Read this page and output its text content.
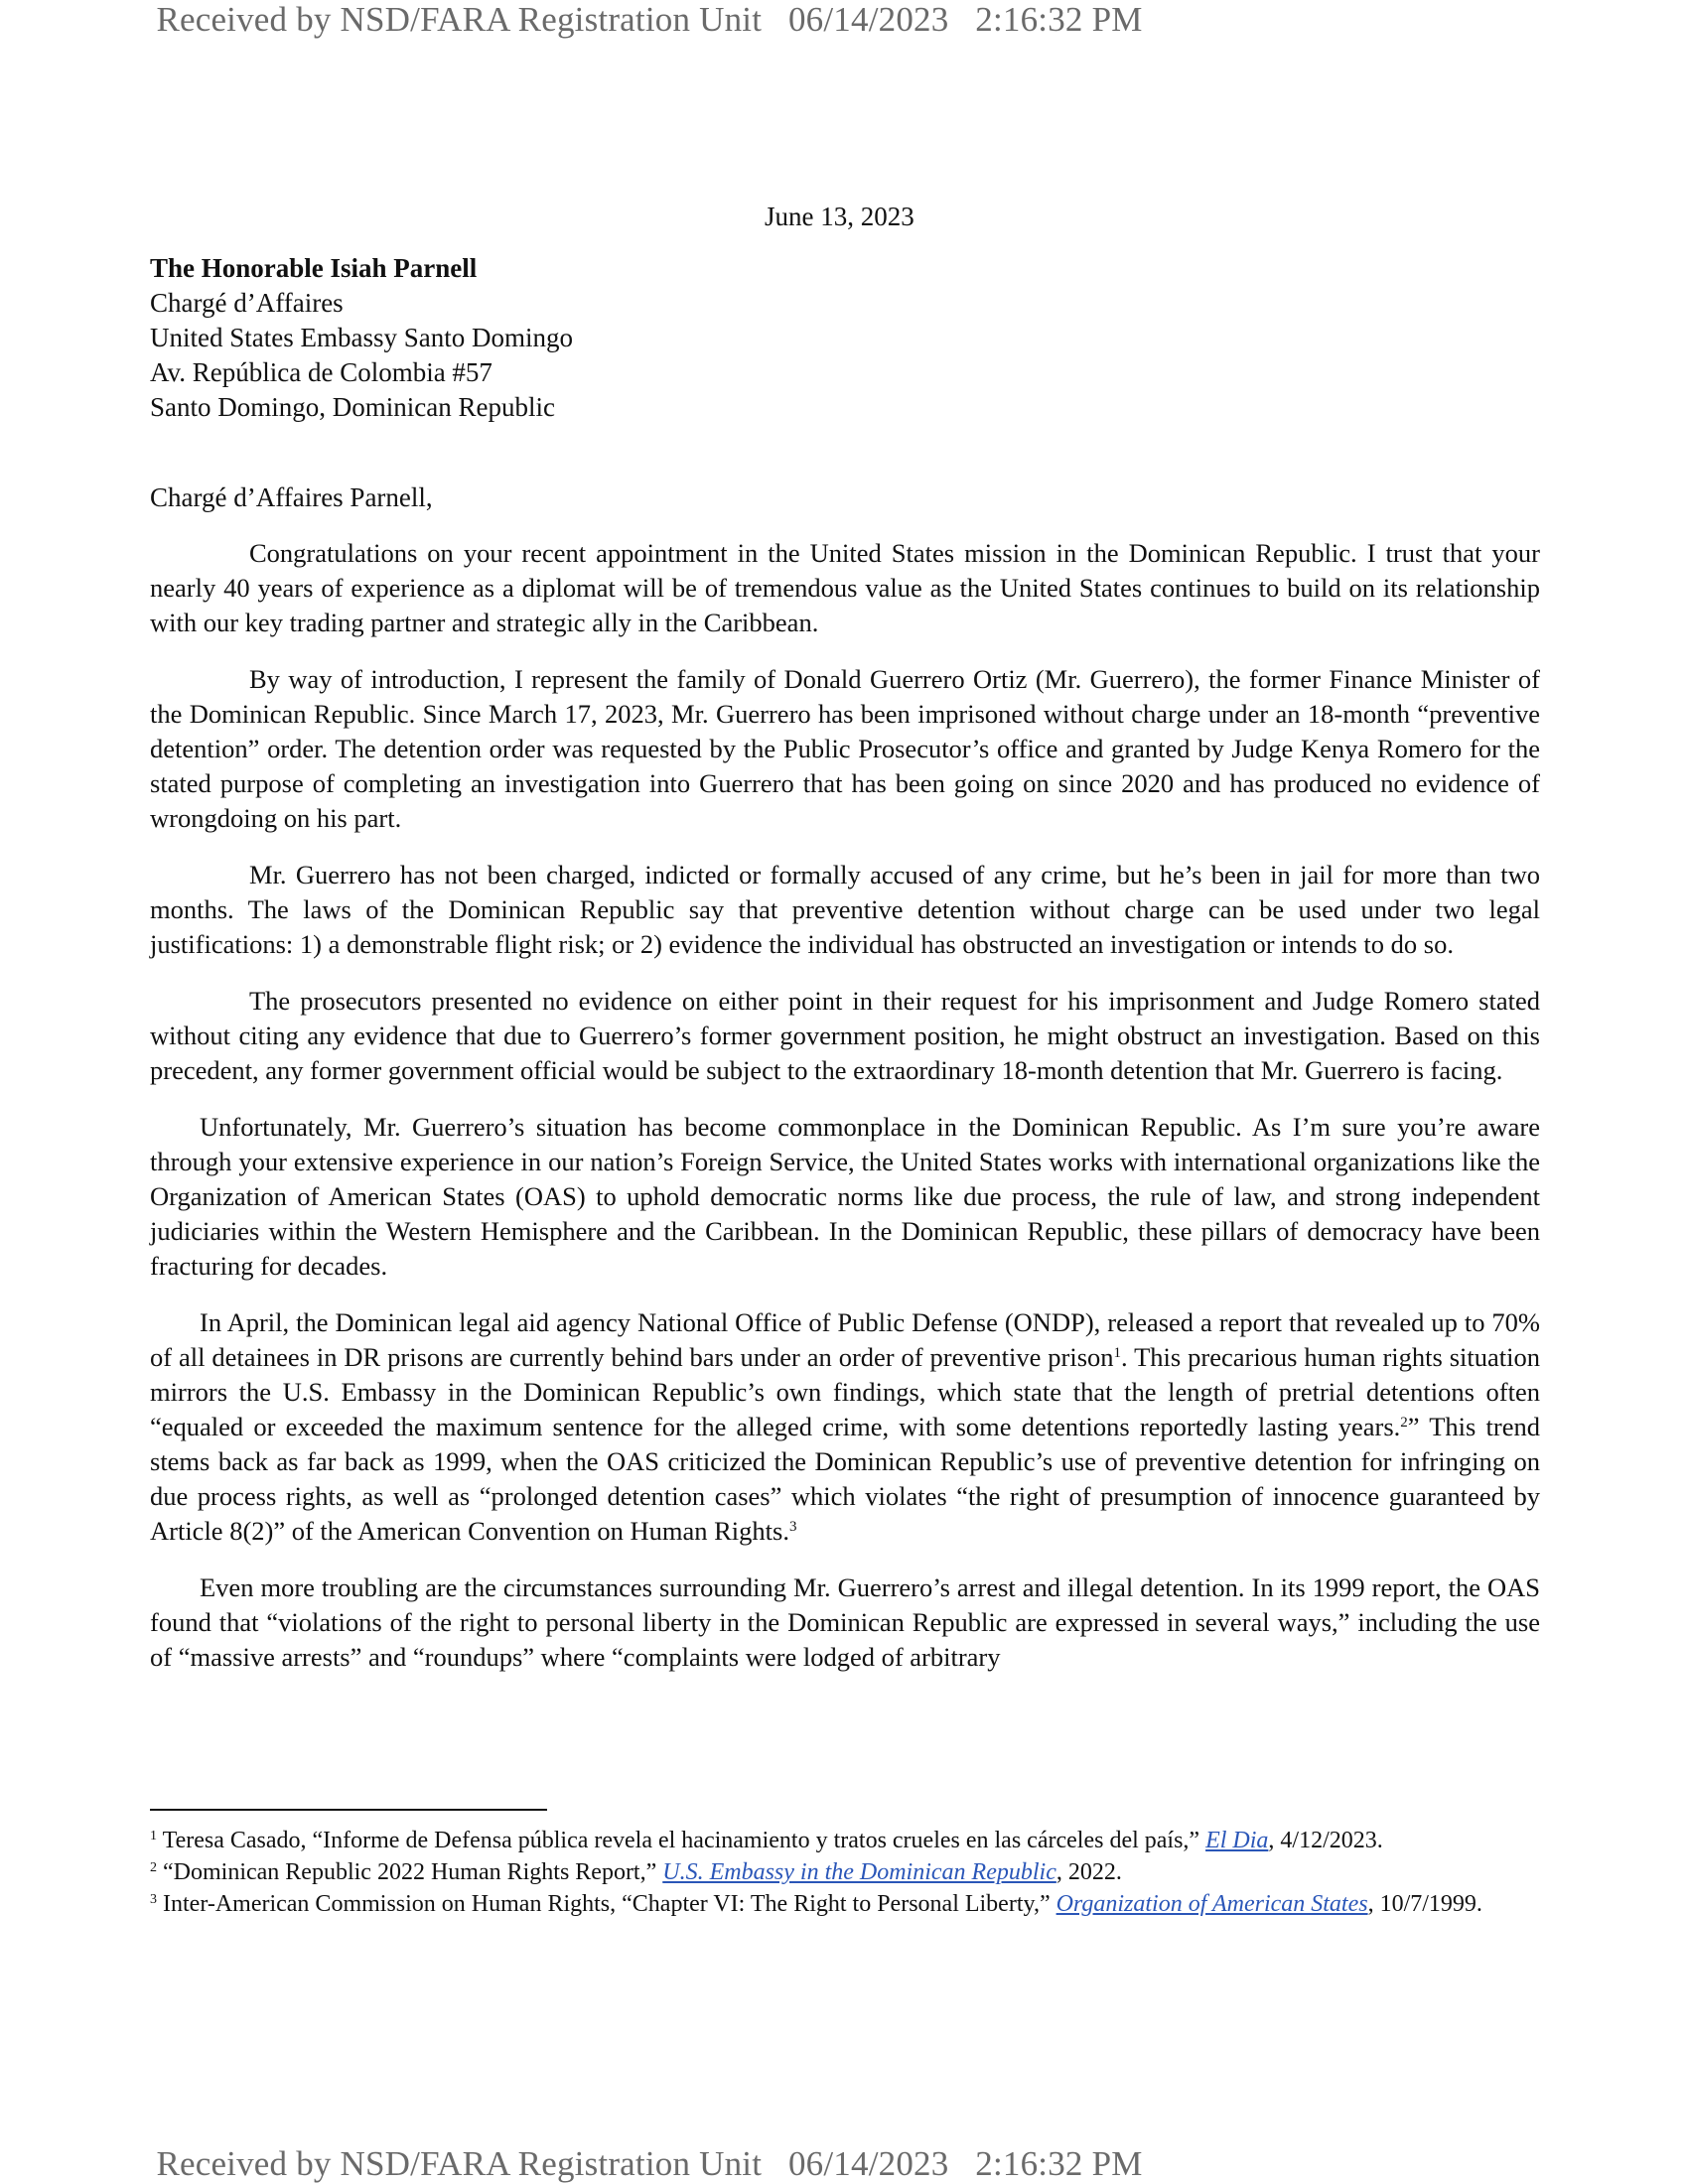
Received by NSD/FARA Registration Unit   06/14/2023   2:16:32 PM
June 13, 2023
The Honorable Isiah Parnell
Chargé d’Affaires
United States Embassy Santo Domingo
Av. República de Colombia #57
Santo Domingo, Dominican Republic
Chargé d’Affaires Parnell,

Congratulations on your recent appointment in the United States mission in the Dominican Republic. I trust that your nearly 40 years of experience as a diplomat will be of tremendous value as the United States continues to build on its relationship with our key trading partner and strategic ally in the Caribbean.

By way of introduction, I represent the family of Donald Guerrero Ortiz (Mr. Guerrero), the former Finance Minister of the Dominican Republic. Since March 17, 2023, Mr. Guerrero has been imprisoned without charge under an 18-month “preventive detention” order. The detention order was requested by the Public Prosecutor’s office and granted by Judge Kenya Romero for the stated purpose of completing an investigation into Guerrero that has been going on since 2020 and has produced no evidence of wrongdoing on his part.

Mr. Guerrero has not been charged, indicted or formally accused of any crime, but he’s been in jail for more than two months. The laws of the Dominican Republic say that preventive detention without charge can be used under two legal justifications: 1) a demonstrable flight risk; or 2) evidence the individual has obstructed an investigation or intends to do so.

The prosecutors presented no evidence on either point in their request for his imprisonment and Judge Romero stated without citing any evidence that due to Guerrero’s former government position, he might obstruct an investigation. Based on this precedent, any former government official would be subject to the extraordinary 18-month detention that Mr. Guerrero is facing.

Unfortunately, Mr. Guerrero’s situation has become commonplace in the Dominican Republic. As I’m sure you’re aware through your extensive experience in our nation’s Foreign Service, the United States works with international organizations like the Organization of American States (OAS) to uphold democratic norms like due process, the rule of law, and strong independent judiciaries within the Western Hemisphere and the Caribbean. In the Dominican Republic, these pillars of democracy have been fracturing for decades.

In April, the Dominican legal aid agency National Office of Public Defense (ONDP), released a report that revealed up to 70% of all detainees in DR prisons are currently behind bars under an order of preventive prison$^1$. This precarious human rights situation mirrors the U.S. Embassy in the Dominican Republic’s own findings, which state that the length of pretrial detentions often “equaled or exceeded the maximum sentence for the alleged crime, with some detentions reportedly lasting years.$^2$” This trend stems back as far back as 1999, when the OAS criticized the Dominican Republic’s use of preventive detention for infringing on due process rights, as well as “prolonged detention cases” which violates “the right of presumption of innocence guaranteed by Article 8(2)” of the American Convention on Human Rights.$^3$

Even more troubling are the circumstances surrounding Mr. Guerrero’s arrest and illegal detention. In its 1999 report, the OAS found that “violations of the right to personal liberty in the Dominican Republic are expressed in several ways,” including the use of “massive arrests” and “roundups” where “complaints were lodged of arbitrary

$^1$ Teresa Casado, “Informe de Defensa pública revela el hacinamiento y tratos crueles en las cárceles del país,” El Dia, 4/12/2023.
$^2$ “Dominican Republic 2022 Human Rights Report,” U.S. Embassy in the Dominican Republic, 2022.
$^3$ Inter-American Commission on Human Rights, “Chapter VI: The Right to Personal Liberty,” Organization of American States, 10/7/1999.
Received by NSD/FARA Registration Unit   06/14/2023   2:16:32 PM
